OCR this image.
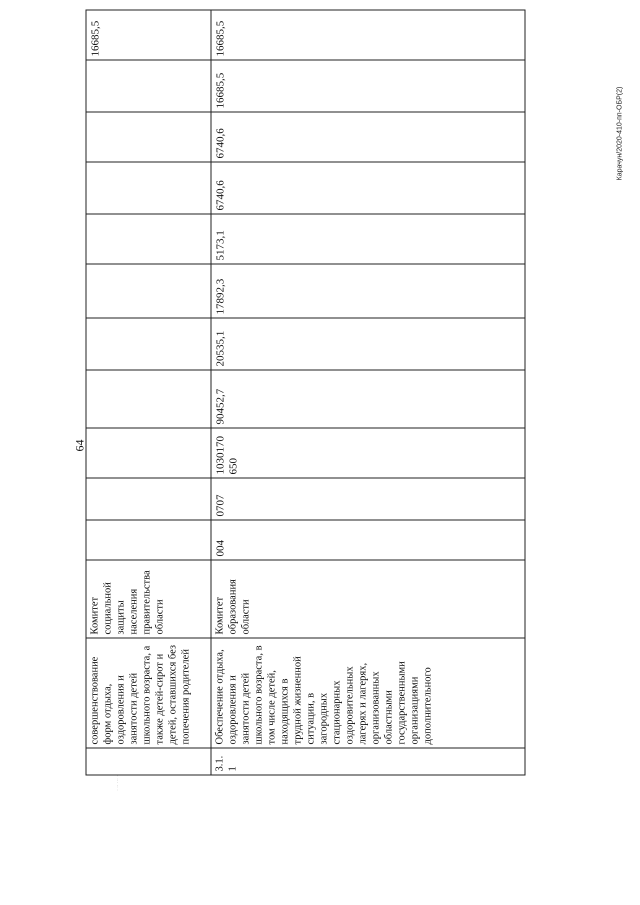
64
Карачун/2020-410-пп-ОБР(2)
· ·· ··· ·
	совершенствование форм отдыха, оздоровления и занятости детей школьного возраста, а также детей-сирот и детей, оставшихся без попечения родителей	Комитет социальной защиты населения правительства области											16685,5
3.1.1	Обеспечение отдыха, оздоровления и занятости детей школьного возраста, в том числе детей, находящихся в трудной жизненной ситуации, в загородных стационарных оздоровительных лагерях и лагерях, организованных областными государственными организациями дополнительного	Комитет образования области	004	0707	1030170650	90452,7	20535,1	17892,3	5173,1	6740,6	6740,6	16685,5	16685,5
